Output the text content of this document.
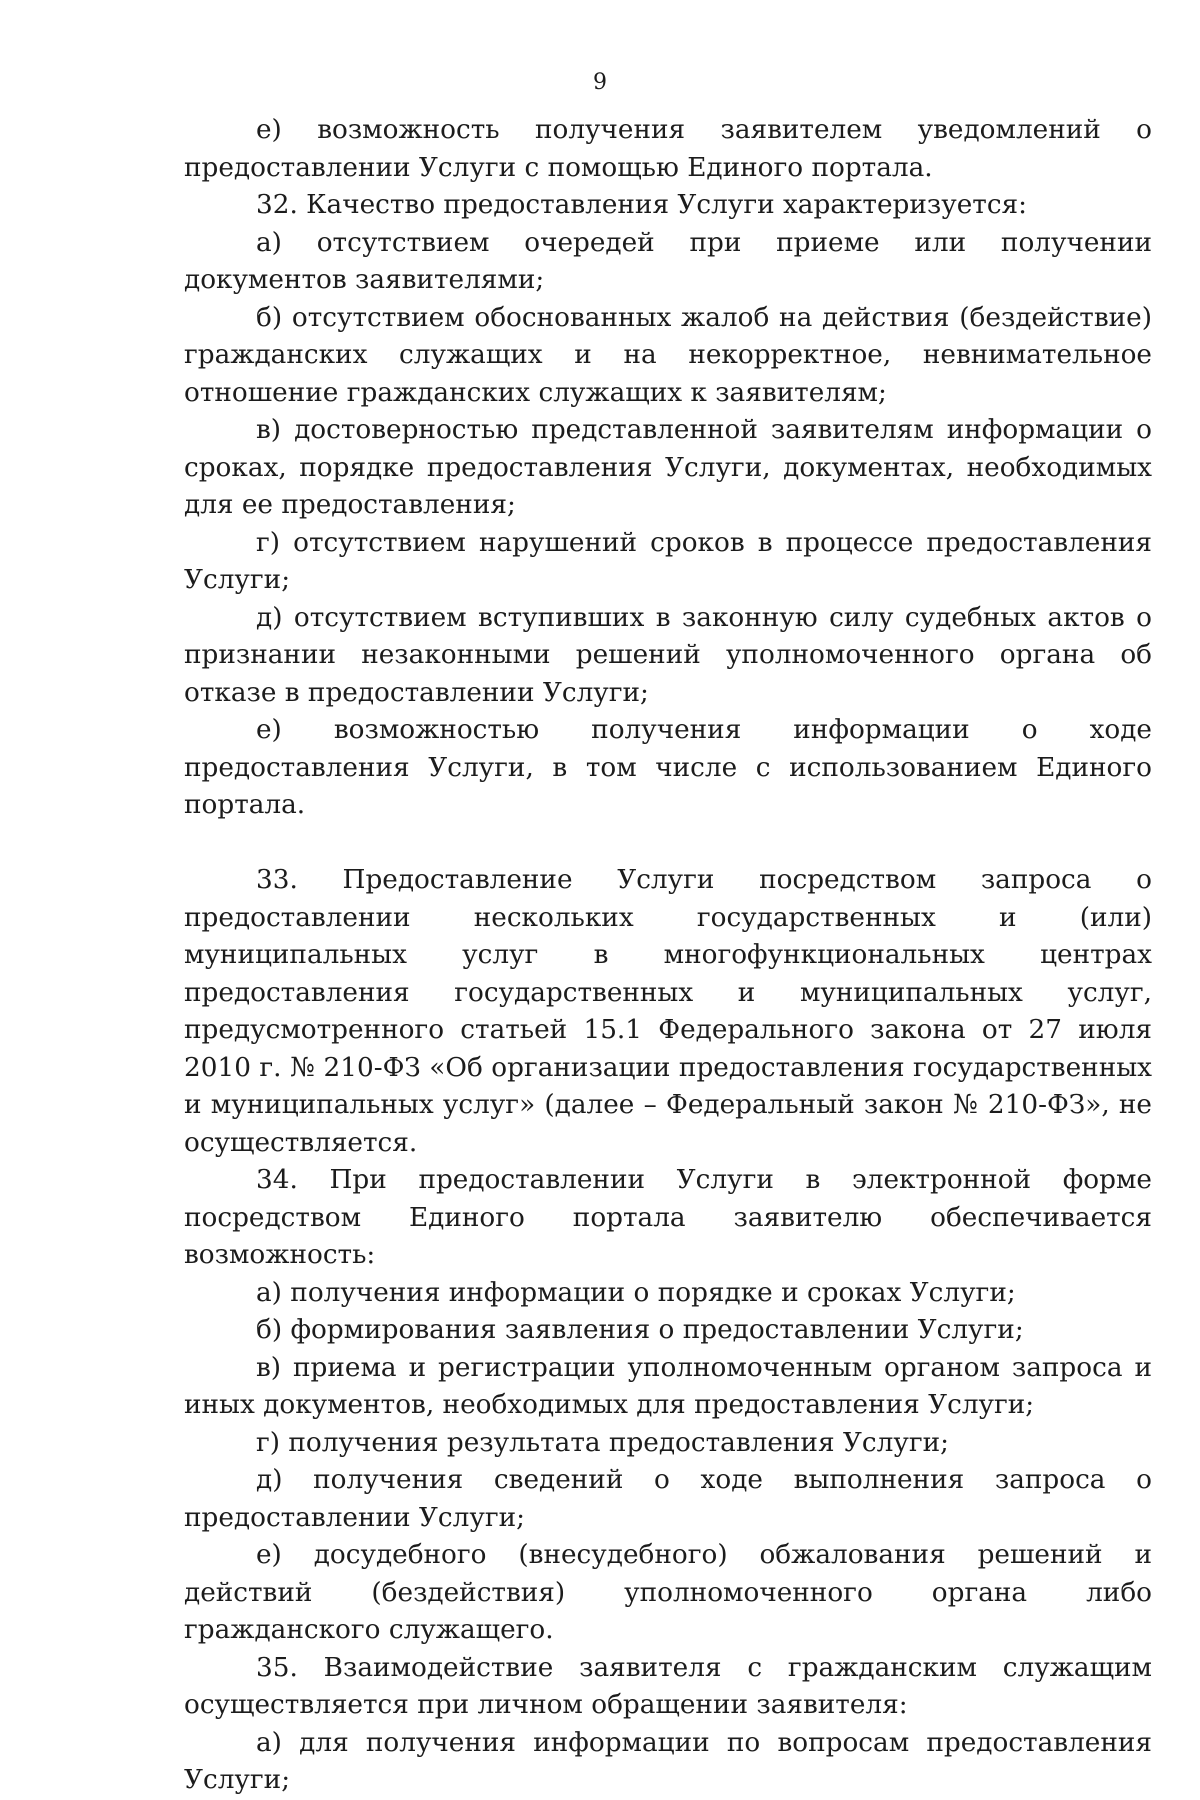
9

е) возможность получения заявителем уведомлений о предоставлении Услуги с помощью Единого портала.

32. Качество предоставления Услуги характеризуется:

а) отсутствием очередей при приеме или получении документов заявителями;

б) отсутствием обоснованных жалоб на действия (бездействие) гражданских служащих и на некорректное, невнимательное отношение гражданских служащих к заявителям;

в) достоверностью представленной заявителям информации о сроках, порядке предоставления Услуги, документах, необходимых для ее предоставления;

г) отсутствием нарушений сроков в процессе предоставления Услуги;

д) отсутствием вступивших в законную силу судебных актов о признании незаконными решений уполномоченного органа об отказе в предоставлении Услуги;

е) возможностью получения информации о ходе предоставления Услуги, в том числе с использованием Единого портала.

33. Предоставление Услуги посредством запроса о предоставлении нескольких государственных и (или) муниципальных услуг в многофункциональных центрах предоставления государственных и муниципальных услуг, предусмотренного статьей 15.1 Федерального закона от 27 июля 2010 г. № 210-ФЗ «Об организации предоставления государственных и муниципальных услуг» (далее – Федеральный закон № 210-ФЗ», не осуществляется.

34. При предоставлении Услуги в электронной форме посредством Единого портала заявителю обеспечивается возможность:

а) получения информации о порядке и сроках Услуги;

б) формирования заявления о предоставлении Услуги;

в) приема и регистрации уполномоченным органом запроса и иных документов, необходимых для предоставления Услуги;

г) получения результата предоставления Услуги;

д) получения сведений о ходе выполнения запроса о предоставлении Услуги;

е) досудебного (внесудебного) обжалования решений и действий (бездействия) уполномоченного органа либо гражданского служащего.

35. Взаимодействие заявителя с гражданским служащим осуществляется при личном обращении заявителя:

а) для получения информации по вопросам предоставления Услуги;
